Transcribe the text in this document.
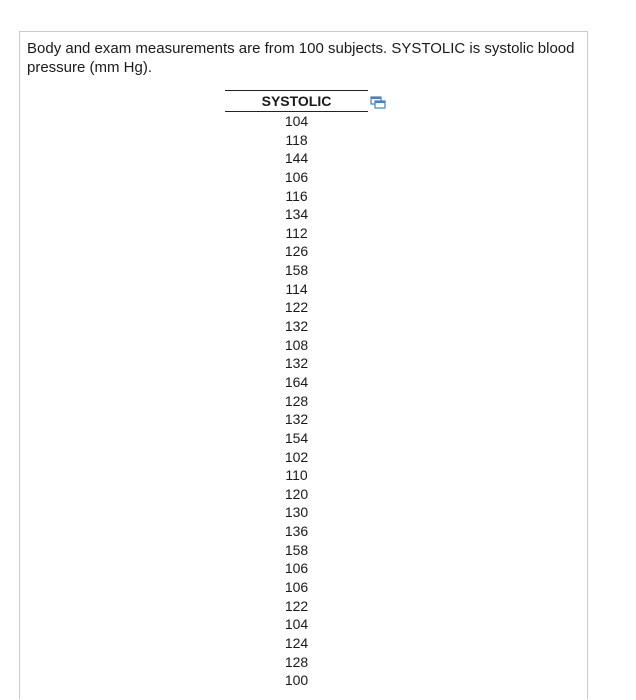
Body and exam measurements are from 100 subjects. SYSTOLIC is systolic blood pressure (mm Hg).

SYSTOLIC
104
118
144
106
116
134
112
126
158
114
122
132
108
132
164
128
132
154
102
110
120
130
136
158
106
106
122
104
124
128
100
